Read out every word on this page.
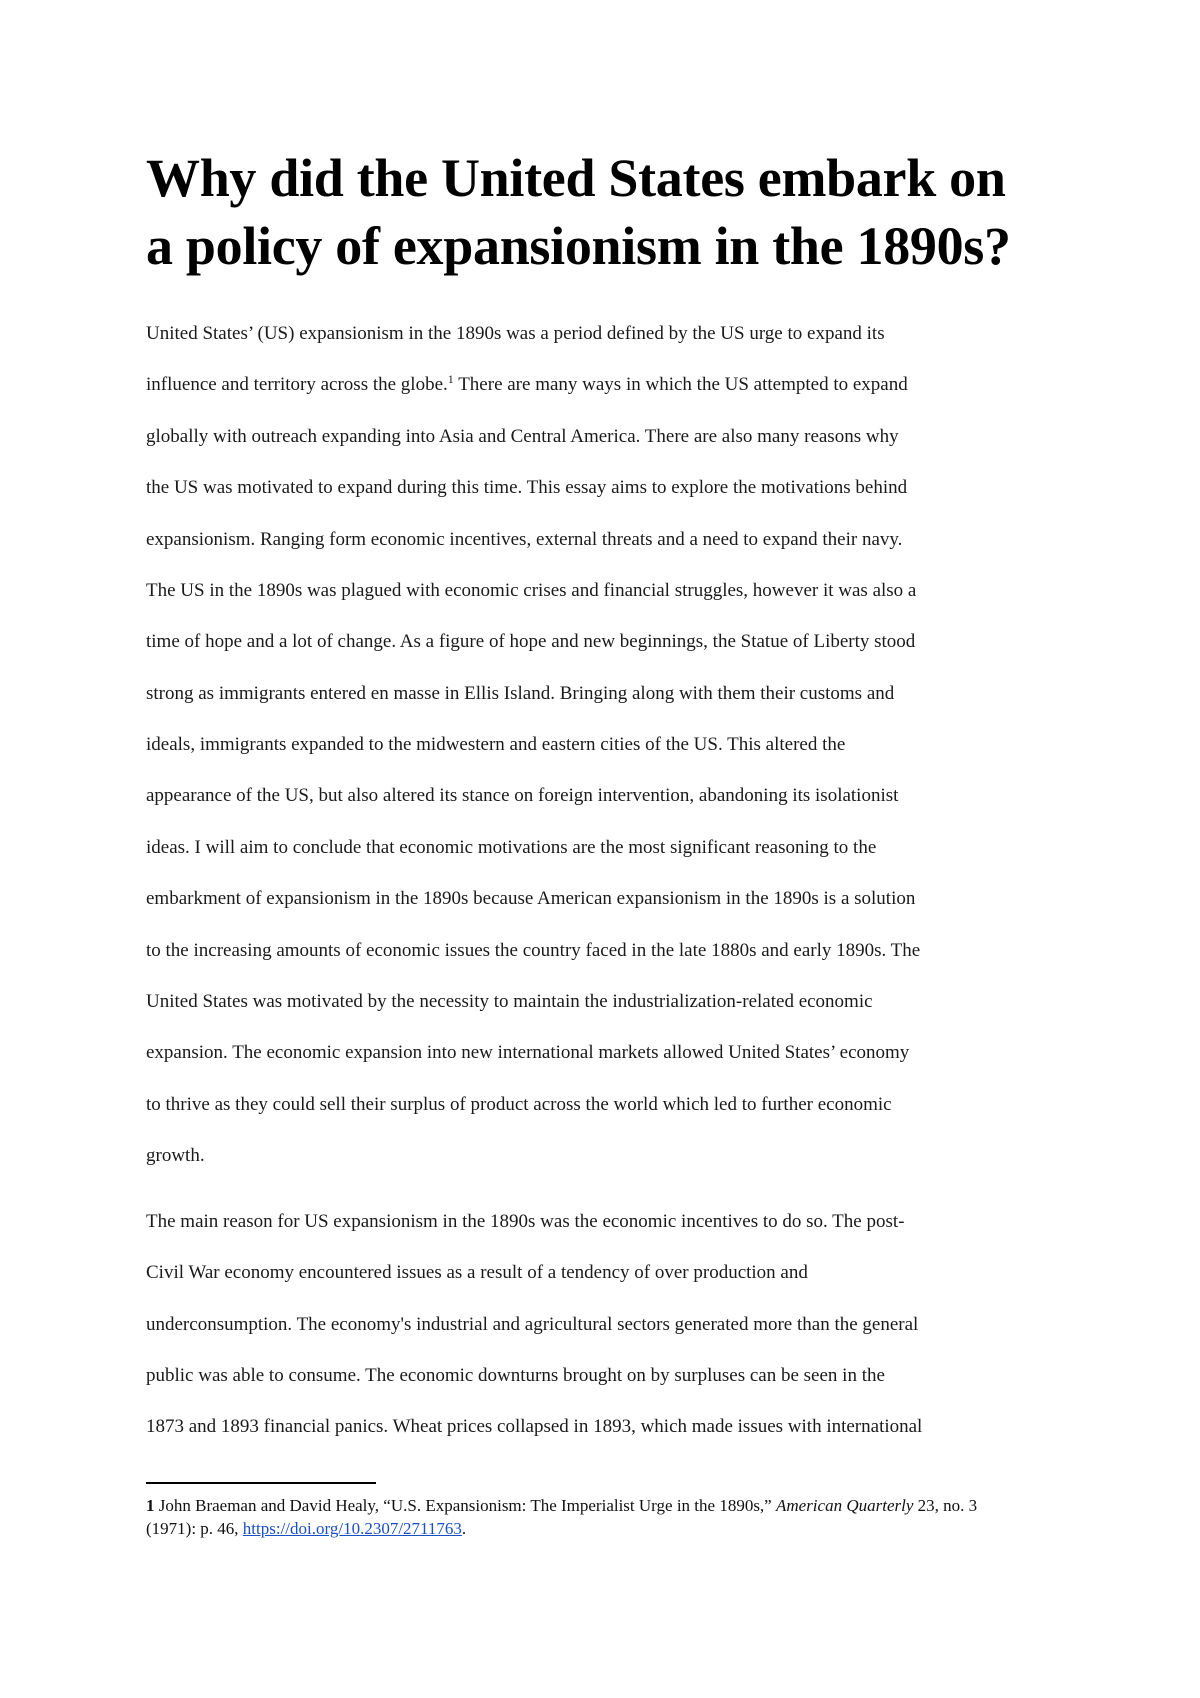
Why did the United States embark on
a policy of expansionism in the 1890s?

United States’ (US) expansionism in the 1890s was a period defined by the US urge to expand its

influence and territory across the globe.$^1$ There are many ways in which the US attempted to expand

globally with outreach expanding into Asia and Central America. There are also many reasons why

the US was motivated to expand during this time. This essay aims to explore the motivations behind

expansionism. Ranging form economic incentives, external threats and a need to expand their navy.

The US in the 1890s was plagued with economic crises and financial struggles, however it was also a

time of hope and a lot of change. As a figure of hope and new beginnings, the Statue of Liberty stood

strong as immigrants entered en masse in Ellis Island. Bringing along with them their customs and

ideals, immigrants expanded to the midwestern and eastern cities of the US. This altered the

appearance of the US, but also altered its stance on foreign intervention, abandoning its isolationist

ideas. I will aim to conclude that economic motivations are the most significant reasoning to the

embarkment of expansionism in the 1890s because American expansionism in the 1890s is a solution

to the increasing amounts of economic issues the country faced in the late 1880s and early 1890s. The

United States was motivated by the necessity to maintain the industrialization-related economic

expansion. The economic expansion into new international markets allowed United States’ economy

to thrive as they could sell their surplus of product across the world which led to further economic

growth.

The main reason for US expansionism in the 1890s was the economic incentives to do so. The post-

Civil War economy encountered issues as a result of a tendency of over production and

underconsumption. The economy's industrial and agricultural sectors generated more than the general

public was able to consume. The economic downturns brought on by surpluses can be seen in the

1873 and 1893 financial panics. Wheat prices collapsed in 1893, which made issues with international

1 John Braeman and David Healy, “U.S. Expansionism: The Imperialist Urge in the 1890s,” American Quarterly 23, no. 3

(1971): p. 46, https://doi.org/10.2307/2711763.
